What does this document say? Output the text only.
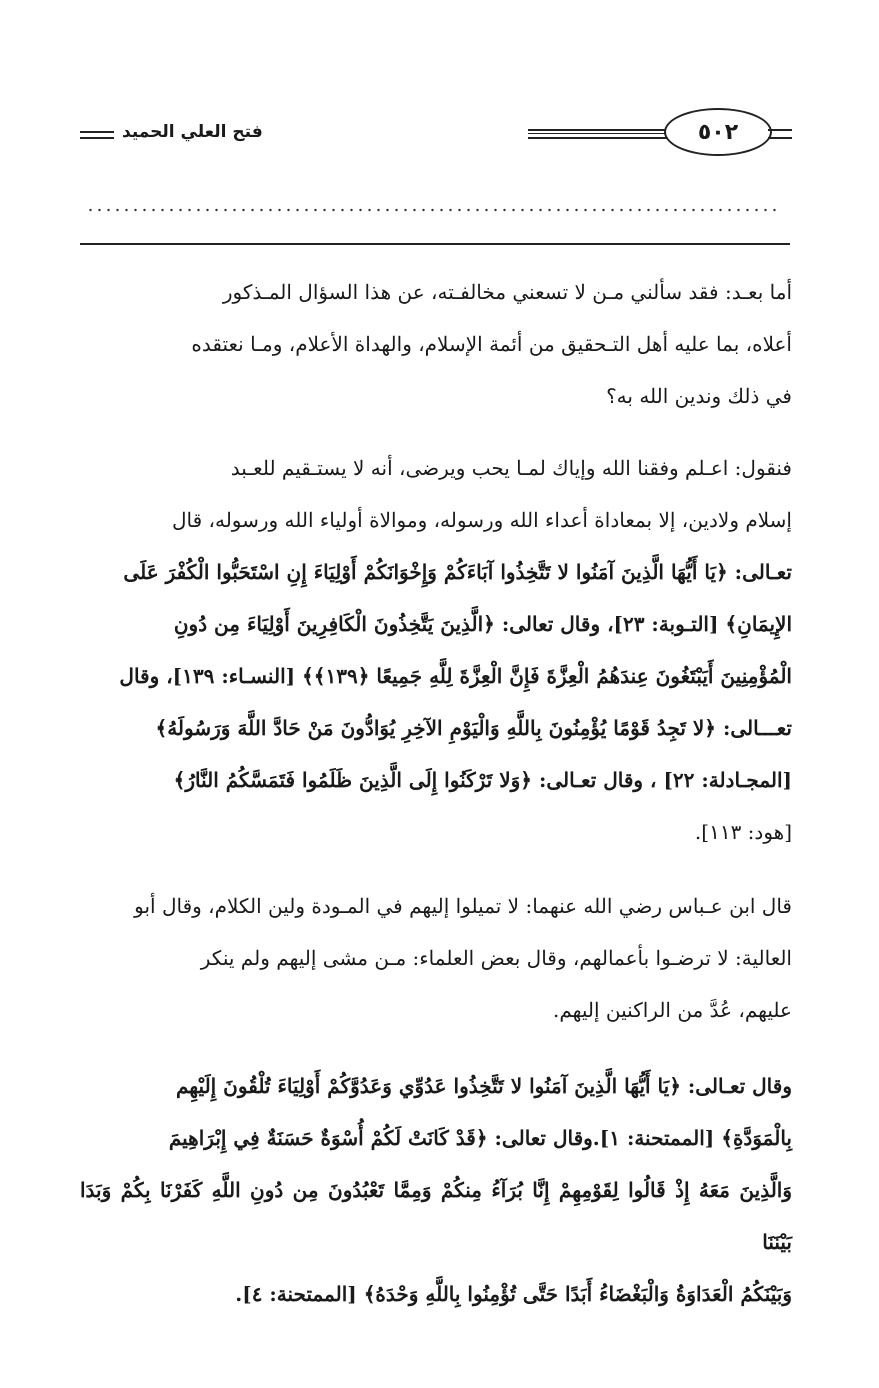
فتح العلي الحميد	٥٠٢
أما بعـد: فقد سألني مـن لا تسعني مخالفـته، عن هذا السؤال المـذكور
أعلاه، بما عليه أهل التـحقيق من أئمة الإسلام، والهداة الأعلام، ومـا نعتقده
في ذلك وندين الله به؟
فنقول: اعـلم وفقنا الله وإياك لمـا يحب ويرضى، أنه لا يستـقيم للعـبد
إسلام ولادين، إلا بمعاداة أعداء الله ورسوله، وموالاة أولياء الله ورسوله، قال
تعـالى: ﴿يَا أَيُّهَا الَّذِينَ آمَنُوا لا تَتَّخِذُوا آبَاءَكُمْ وَإِخْوَانَكُمْ أَوْلِيَاءَ إِنِ اسْتَحَبُّوا الْكُفْرَ عَلَى
الإِيمَانِ﴾ [التـوبة: ٢٣]، وقال تعالى: ﴿الَّذِينَ يَتَّخِذُونَ الْكَافِرِينَ أَوْلِيَاءَ مِن دُونِ
الْمُؤْمِنِينَ أَيَبْتَغُونَ عِندَهُمُ الْعِزَّةَ فَإِنَّ الْعِزَّةَ لِلَّهِ جَمِيعًا ﴿١٣٩﴾﴾ [النسـاء: ١٣٩]، وقال
تعـــالى: ﴿لا تَجِدُ قَوْمًا يُؤْمِنُونَ بِاللَّهِ وَالْيَوْمِ الآخِرِ يُوَادُّونَ مَنْ حَادَّ اللَّهَ وَرَسُولَهُ﴾
[المجـادلة: ٢٢] ، وقال تعـالى: ﴿وَلا تَرْكَنُوا إِلَى الَّذِينَ ظَلَمُوا فَتَمَسَّكُمُ النَّارُ﴾
[هود: ١١٣].
قال ابن عـباس رضي الله عنهما: لا تميلوا إليهم في المـودة ولين الكلام، وقال أبو
العالية: لا ترضـوا بأعمالهم، وقال بعض العلماء: مـن مشى إليهم ولم ينكر
عليهم، عُدَّ من الراكنين إليهم.
وقال تعـالى: ﴿يَا أَيُّهَا الَّذِينَ آمَنُوا لا تَتَّخِذُوا عَدُوِّي وَعَدُوَّكُمْ أَوْلِيَاءَ تُلْقُونَ إِلَيْهِم
بِالْمَوَدَّةِ﴾ [الممتحنة: ١].وقال تعالى: ﴿قَدْ كَانَتْ لَكُمْ أُسْوَةٌ حَسَنَةٌ فِي إِبْرَاهِيمَ
وَالَّذِينَ مَعَهُ إِذْ قَالُوا لِقَوْمِهِمْ إِنَّا بُرَآءُ مِنكُمْ وَمِمَّا تَعْبُدُونَ مِن دُونِ اللَّهِ كَفَرْنَا بِكُمْ وَبَدَا بَيْنَنَا
وَبَيْنَكُمُ الْعَدَاوَةُ وَالْبَغْضَاءُ أَبَدًا حَتَّى تُؤْمِنُوا بِاللَّهِ وَحْدَهُ﴾ [الممتحنة: ٤].
